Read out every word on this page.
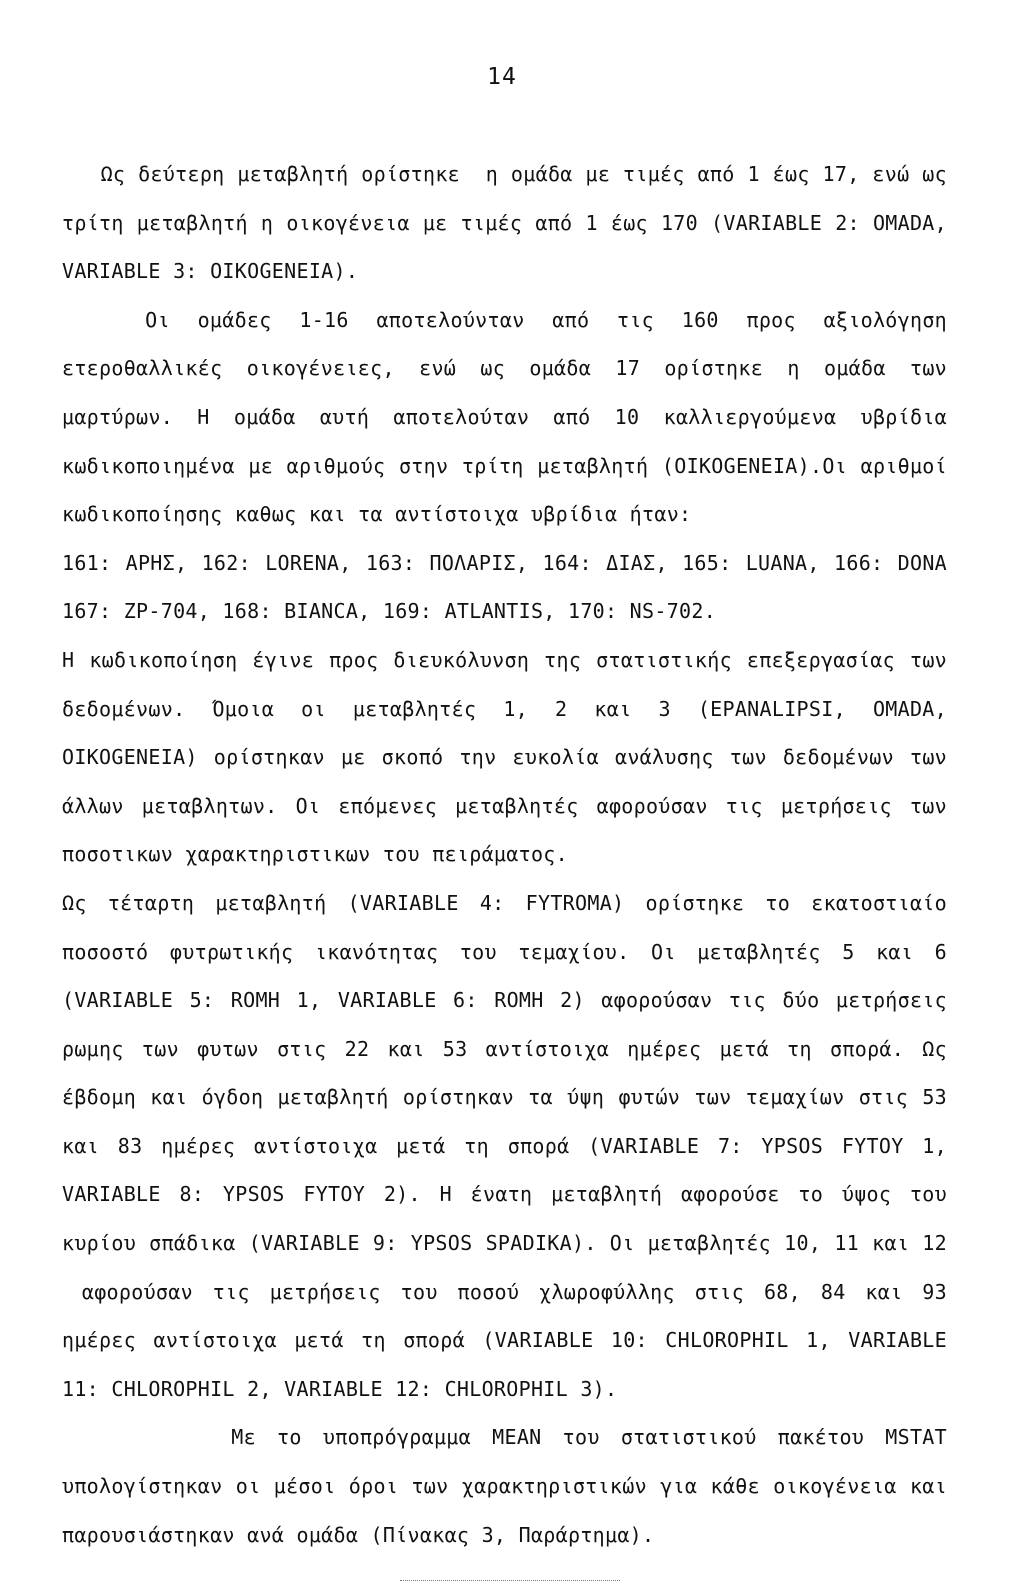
14
Ως δεύτερη μεταβλητή ορίστηκε  η ομάδα με τιμές από 1 έως 17, ενώ ως
τρίτη μεταβλητή η οικογένεια με τιμές από 1 έως 170 (VARIABLE 2: OMADA,
VARIABLE 3: OIKOGENEIA).
Οι ομάδες 1-16 αποτελούνταν από τις 160 προς αξιολόγηση
ετεροθαλλικές οικογένειες, ενώ ως ομάδα 17 ορίστηκε η ομάδα των
μαρτύρων. Η ομάδα αυτή αποτελούταν από 10 καλλιεργούμενα υβρίδια
κωδικοποιημένα με αριθμούς στην τρίτη μεταβλητή (OIKOGENEIA).Οι αριθμοί
κωδικοποίησης καθως και τα αντίστοιχα υβρίδια ήταν:
161: ΑΡΗΣ, 162: LORENA, 163: ΠΟΛΑΡΙΣ, 164: ΔΙΑΣ, 165: LUANA, 166: DONA
167: ZP-704, 168: BIANCA, 169: ATLANTIS, 170: NS-702.
Η κωδικοποίηση έγινε προς διευκόλυνση της στατιστικής επεξεργασίας των
δεδομένων. Όμοια οι μεταβλητές 1, 2 και 3 (EPANALIPSI, OMADA,
OIKOGENEIA) ορίστηκαν με σκοπό την ευκολία ανάλυσης των δεδομένων των
άλλων μεταβλητων. Οι επόμενες μεταβλητές αφορούσαν τις μετρήσεις των
ποσοτικων χαρακτηριστικων του πειράματος.
Ως τέταρτη μεταβλητή (VARIABLE 4: FYTROMA) ορίστηκε το εκατοστιαίο
ποσοστό φυτρωτικής ικανότητας του τεμαχίου. Οι μεταβλητές 5 και 6
(VARIABLE 5: ROMH 1, VARIABLE 6: ROMH 2) αφορούσαν τις δύο μετρήσεις
ρωμης των φυτων στις 22 και 53 αντίστοιχα ημέρες μετά τη σπορά. Ως
έβδομη και όγδοη μεταβλητή ορίστηκαν τα ύψη φυτών των τεμαχίων στις 53
και 83 ημέρες αντίστοιχα μετά τη σπορά (VARIABLE 7: YPSOS FYTOY 1,
VARIABLE 8: YPSOS FYTOY 2). Η ένατη μεταβλητή αφορούσε το ύψος του
κυρίου σπάδικα (VARIABLE 9: YPSOS SPADIKA). Οι μεταβλητές 10, 11 και 12
αφορούσαν τις μετρήσεις του ποσού χλωροφύλλης στις 68, 84 και 93
ημέρες αντίστοιχα μετά τη σπορά (VARIABLE 10: CHLOROPHIL 1, VARIABLE
11: CHLOROPHIL 2, VARIABLE 12: CHLOROPHIL 3).
Με το υποπρόγραμμα MEAN του στατιστικού πακέτου MSTAT
υπολογίστηκαν οι μέσοι όροι των χαρακτηριστικών για κάθε οικογένεια και
παρουσιάστηκαν ανά ομάδα (Πίνακας 3, Παράρτημα).
